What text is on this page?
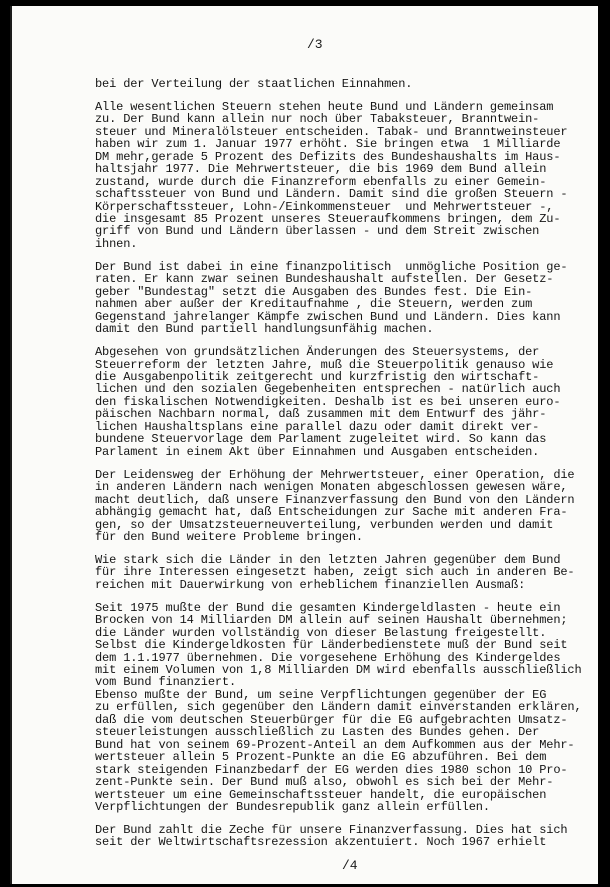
/3
bei der Verteilung der staatlichen Einnahmen.
Alle wesentlichen Steuern stehen heute Bund und Ländern gemeinsam
zu. Der Bund kann allein nur noch über Tabaksteuer, Branntwein-
steuer und Mineralölsteuer entscheiden. Tabak- und Branntweinsteuer
haben wir zum 1. Januar 1977 erhöht. Sie bringen etwa  1 Milliarde
DM mehr,gerade 5 Prozent des Defizits des Bundeshaushalts im Haus-
haltsjahr 1977. Die Mehrwertsteuer, die bis 1969 dem Bund allein
zustand, wurde durch die Finanzreform ebenfalls zu einer Gemein-
schaftssteuer von Bund und Ländern. Damit sind die großen Steuern -
Körperschaftssteuer, Lohn-/Einkommensteuer  und Mehrwertsteuer -,
die insgesamt 85 Prozent unseres Steueraufkommens bringen, dem Zu-
griff von Bund und Ländern überlassen - und dem Streit zwischen
ihnen.
Der Bund ist dabei in eine finanzpolitisch  unmögliche Position ge-
raten. Er kann zwar seinen Bundeshaushalt aufstellen. Der Gesetz-
geber "Bundestag" setzt die Ausgaben des Bundes fest. Die Ein-
nahmen aber außer der Kreditaufnahme , die Steuern, werden zum
Gegenstand jahrelanger Kämpfe zwischen Bund und Ländern. Dies kann
damit den Bund partiell handlungsunfähig machen.
Abgesehen von grundsätzlichen Änderungen des Steuersystems, der
Steuerreform der letzten Jahre, muß die Steuerpolitik genauso wie
die Ausgabenpolitik zeitgerecht und kurzfristig den wirtschaft-
lichen und den sozialen Gegebenheiten entsprechen - natürlich auch
den fiskalischen Notwendigkeiten. Deshalb ist es bei unseren euro-
päischen Nachbarn normal, daß zusammen mit dem Entwurf des jähr-
lichen Haushaltsplans eine parallel dazu oder damit direkt ver-
bundene Steuervorlage dem Parlament zugeleitet wird. So kann das
Parlament in einem Akt über Einnahmen und Ausgaben entscheiden.
Der Leidensweg der Erhöhung der Mehrwertsteuer, einer Operation, die
in anderen Ländern nach wenigen Monaten abgeschlossen gewesen wäre,
macht deutlich, daß unsere Finanzverfassung den Bund von den Ländern
abhängig gemacht hat, daß Entscheidungen zur Sache mit anderen Fra-
gen, so der Umsatzsteuerneuverteilung, verbunden werden und damit
für den Bund weitere Probleme bringen.
Wie stark sich die Länder in den letzten Jahren gegenüber dem Bund
für ihre Interessen eingesetzt haben, zeigt sich auch in anderen Be-
reichen mit Dauerwirkung von erheblichem finanziellen Ausmaß:
Seit 1975 mußte der Bund die gesamten Kindergeldlasten - heute ein
Brocken von 14 Milliarden DM allein auf seinen Haushalt übernehmen;
die Länder wurden vollständig von dieser Belastung freigestellt.
Selbst die Kindergeldkosten für Länderbedienstete muß der Bund seit
dem 1.1.1977 übernehmen. Die vorgesehene Erhöhung des Kindergeldes
mit einem Volumen von 1,8 Milliarden DM wird ebenfalls ausschließlich
vom Bund finanziert.
Ebenso mußte der Bund, um seine Verpflichtungen gegenüber der EG
zu erfüllen, sich gegenüber den Ländern damit einverstanden erklären,
daß die vom deutschen Steuerbürger für die EG aufgebrachten Umsatz-
steuerleistungen ausschließlich zu Lasten des Bundes gehen. Der
Bund hat von seinem 69-Prozent-Anteil an dem Aufkommen aus der Mehr-
wertsteuer allein 5 Prozent-Punkte an die EG abzuführen. Bei dem
stark steigenden Finanzbedarf der EG werden dies 1980 schon 10 Pro-
zent-Punkte sein. Der Bund muß also, obwohl es sich bei der Mehr-
wertsteuer um eine Gemeinschaftssteuer handelt, die europäischen
Verpflichtungen der Bundesrepublik ganz allein erfüllen.
Der Bund zahlt die Zeche für unsere Finanzverfassung. Dies hat sich
seit der Weltwirtschaftsrezession akzentuiert. Noch 1967 erhielt
/4
